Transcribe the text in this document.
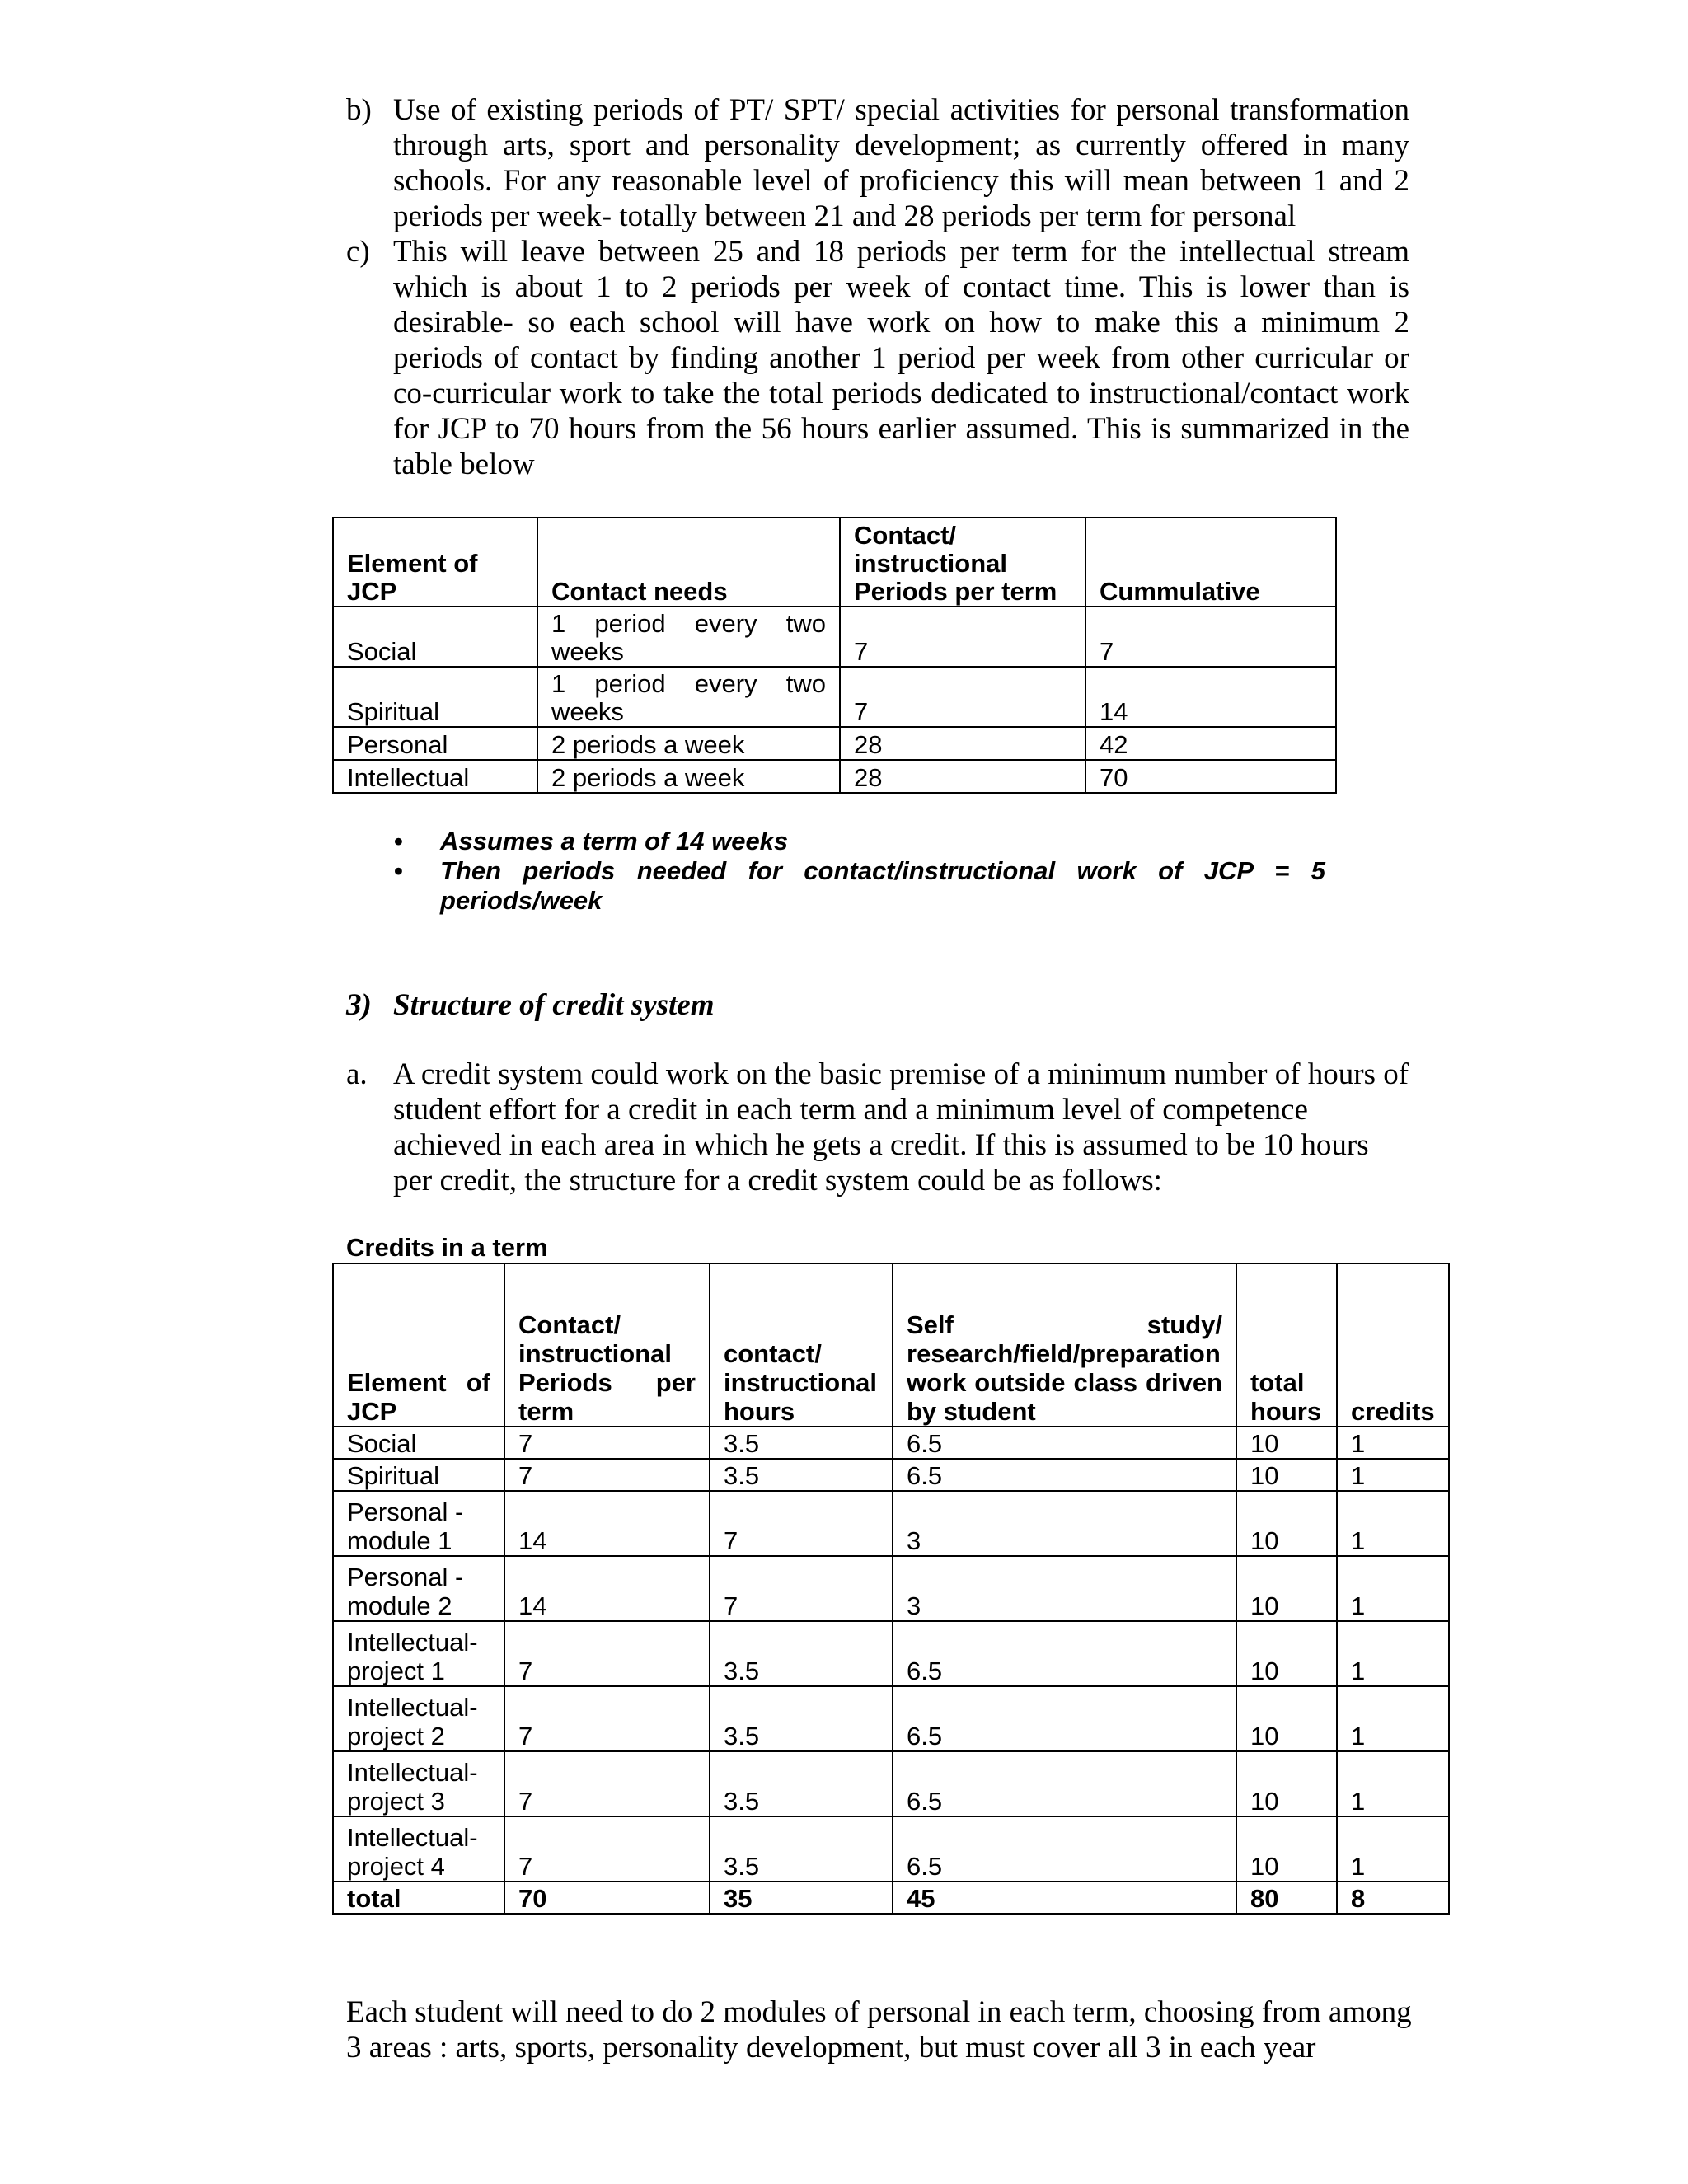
b) Use of existing periods of PT/ SPT/ special activities for personal transformation through arts, sport and personality development; as currently offered in many schools. For any reasonable level of proficiency this will mean between 1 and 2 periods per week- totally between 21 and 28 periods per term for personal
c) This will leave between 25 and 18 periods per term for the intellectual stream which is about 1 to 2 periods per week of contact time. This is lower than is desirable- so each school will have work on how to make this a minimum 2 periods of contact by finding another 1 period per week from other curricular or co-curricular work to take the total periods dedicated to instructional/contact work for JCP to 70 hours from the 56 hours earlier assumed. This is summarized in the table below
Element of JCP	Contact needs	Contact/ instructional Periods per term	Cummulative
Social	1 period every two weeks	7	7
Spiritual	1 period every two weeks	7	14
Personal	2 periods a week	28	42
Intellectual	2 periods a week	28	70
• Assumes a term of 14 weeks
• Then periods needed for contact/instructional work of JCP = 5 periods/week
3) Structure of credit system
a. A credit system could work on the basic premise of a minimum number of hours of student effort for a credit in each term and a minimum level of competence achieved in each area in which he gets a credit. If this is assumed to be 10 hours per credit, the structure for a credit system could be as follows:
Credits in a term
Element of JCP	Contact/ instructional Periods per term	contact/ instructional hours	Self study/ research/field/preparation work outside class driven by student	total hours	credits
Social	7	3.5	6.5	10	1
Spiritual	7	3.5	6.5	10	1
Personal - module 1	14	7	3	10	1
Personal - module 2	14	7	3	10	1
Intellectual- project 1	7	3.5	6.5	10	1
Intellectual- project 2	7	3.5	6.5	10	1
Intellectual- project 3	7	3.5	6.5	10	1
Intellectual- project 4	7	3.5	6.5	10	1
total	70	35	45	80	8

Each student will need to do 2 modules of personal in each term, choosing from among 3 areas : arts, sports, personality development, but must cover all 3 in each year
